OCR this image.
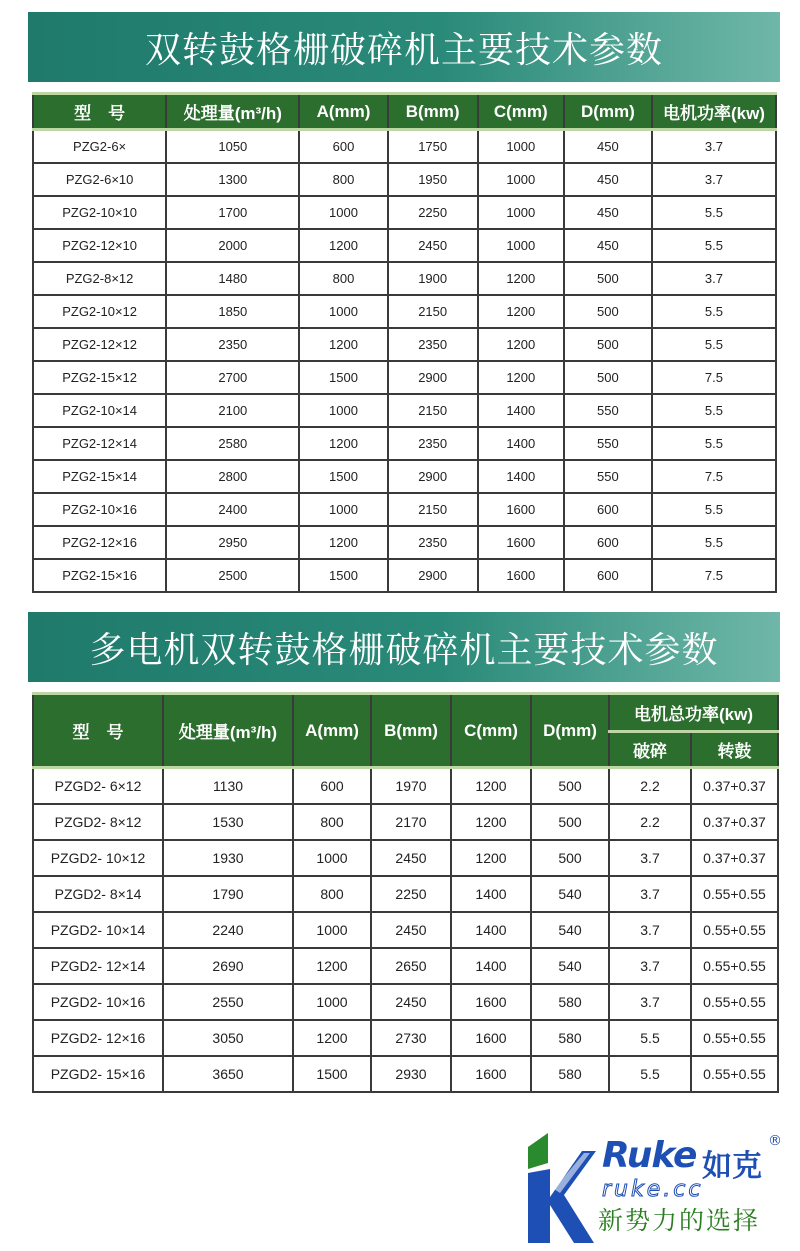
双转鼓格栅破碎机主要技术参数
型　号	处理量(m³/h)	A(mm)	B(mm)	C(mm)	D(mm)	电机功率(kw)
PZG2-6×	1050	600	1750	1000	450	3.7
PZG2-6×10	1300	800	1950	1000	450	3.7
PZG2-10×10	1700	1000	2250	1000	450	5.5
PZG2-12×10	2000	1200	2450	1000	450	5.5
PZG2-8×12	1480	800	1900	1200	500	3.7
PZG2-10×12	1850	1000	2150	1200	500	5.5
PZG2-12×12	2350	1200	2350	1200	500	5.5
PZG2-15×12	2700	1500	2900	1200	500	7.5
PZG2-10×14	2100	1000	2150	1400	550	5.5
PZG2-12×14	2580	1200	2350	1400	550	5.5
PZG2-15×14	2800	1500	2900	1400	550	7.5
PZG2-10×16	2400	1000	2150	1600	600	5.5
PZG2-12×16	2950	1200	2350	1600	600	5.5
PZG2-15×16	2500	1500	2900	1600	600	7.5
多电机双转鼓格栅破碎机主要技术参数
型　号	处理量(m³/h)	A(mm)	B(mm)	C(mm)	D(mm)	电机总功率(kw)	
						破碎	转鼓
PZGD2- 6×12	1130	600	1970	1200	500	2.2	0.37+0.37
PZGD2- 8×12	1530	800	2170	1200	500	2.2	0.37+0.37
PZGD2- 10×12	1930	1000	2450	1200	500	3.7	0.37+0.37
PZGD2- 8×14	1790	800	2250	1400	540	3.7	0.55+0.55
PZGD2- 10×14	2240	1000	2450	1400	540	3.7	0.55+0.55
PZGD2- 12×14	2690	1200	2650	1400	540	3.7	0.55+0.55
PZGD2- 10×16	2550	1000	2450	1600	580	3.7	0.55+0.55
PZGD2- 12×16	3050	1200	2730	1600	580	5.5	0.55+0.55
PZGD2- 15×16	3650	1500	2930	1600	580	5.5	0.55+0.55
Ruke 如克
®
ruke.cc
新势力的选择
